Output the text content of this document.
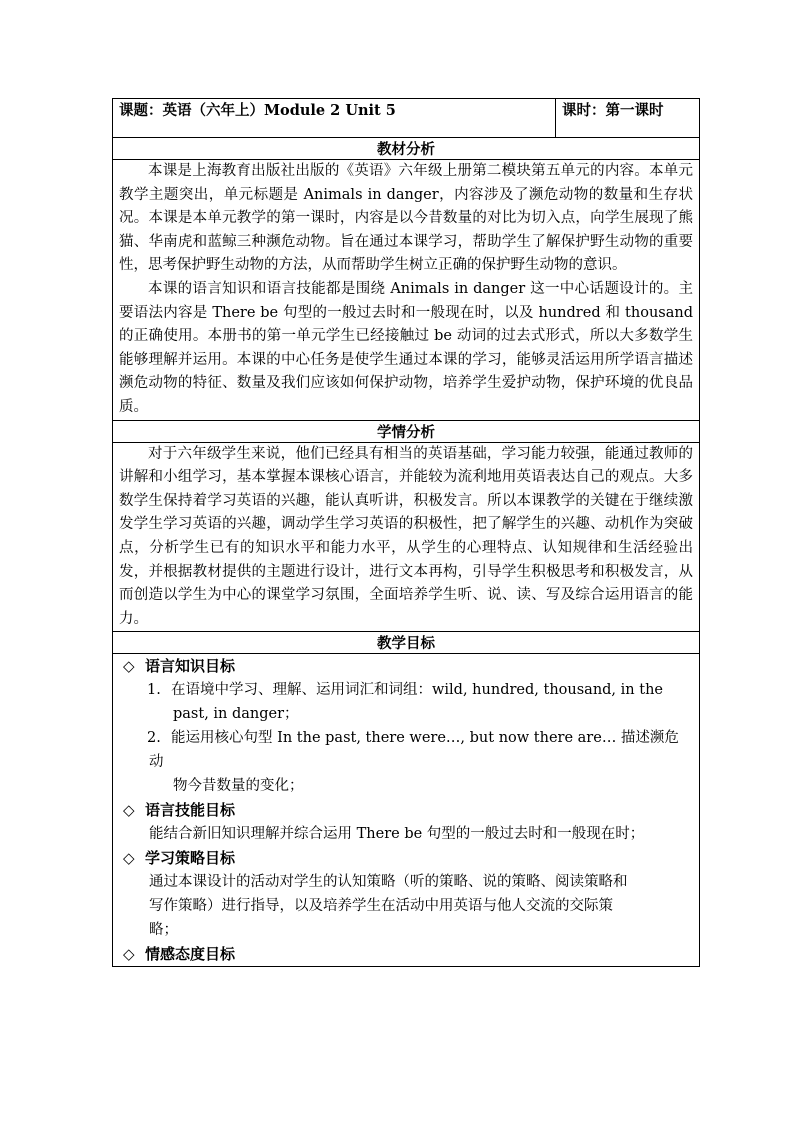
课题：英语（六年上）Module 2 Unit 5	课时：第一课时
教材分析

本课是上海教育出版社出版的《英语》六年级上册第二模块第五单元的内容。本单元教学主题突出，单元标题是 Animals in danger，内容涉及了濒危动物的数量和生存状况。本课是本单元教学的第一课时，内容是以今昔数量的对比为切入点，向学生展现了熊猫、华南虎和蓝鲸三种濒危动物。旨在通过本课学习，帮助学生了解保护野生动物的重要性，思考保护野生动物的方法，从而帮助学生树立正确的保护野生动物的意识。

本课的语言知识和语言技能都是围绕 Animals in danger 这一中心话题设计的。主要语法内容是 There be 句型的一般过去时和一般现在时，以及 hundred 和 thousand 的正确使用。本册书的第一单元学生已经接触过 be 动词的过去式形式，所以大多数学生能够理解并运用。本课的中心任务是使学生通过本课的学习，能够灵活运用所学语言描述濒危动物的特征、数量及我们应该如何保护动物，培养学生爱护动物，保护环境的优良品质。

学情分析

对于六年级学生来说，他们已经具有相当的英语基础，学习能力较强，能通过教师的讲解和小组学习，基本掌握本课核心语言，并能较为流利地用英语表达自己的观点。大多数学生保持着学习英语的兴趣，能认真听讲，积极发言。所以本课教学的关键在于继续激发学生学习英语的兴趣，调动学生学习英语的积极性，把了解学生的兴趣、动机作为突破点，分析学生已有的知识水平和能力水平，从学生的心理特点、认知规律和生活经验出发，并根据教材提供的主题进行设计，进行文本再构，引导学生积极思考和积极发言，从而创造以学生为中心的课堂学习氛围，全面培养学生听、说、读、写及综合运用语言的能力。

教学目标

◇ 语言知识目标

1. 在语境中学习、理解、运用词汇和词组：wild, hundred, thousand, in the
past, in danger；

2. 能运用核心句型 In the past, there were…, but now there are… 描述濒危动
物今昔数量的变化；

◇ 语言技能目标

能结合新旧知识理解并综合运用 There be 句型的一般过去时和一般现在时；

◇ 学习策略目标

通过本课设计的活动对学生的认知策略（听的策略、说的策略、阅读策略和

写作策略）进行指导，以及培养学生在活动中用英语与他人交流的交际策

略；

◇ 情感态度目标
